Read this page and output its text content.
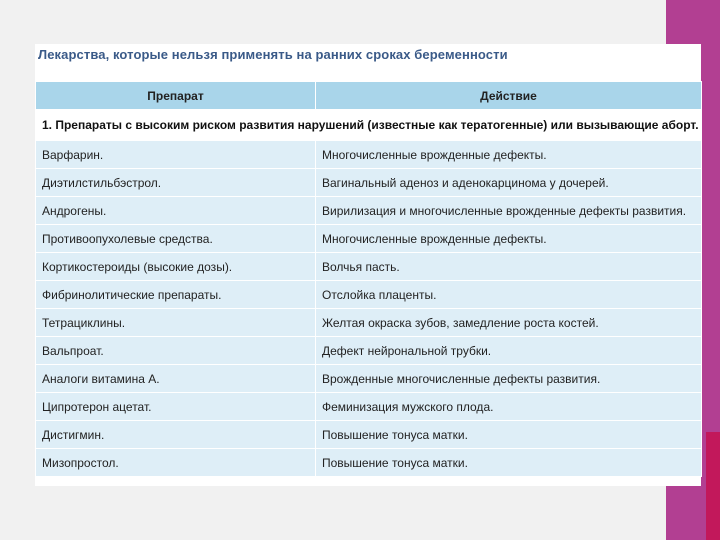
Лекарства, которые нельзя применять на ранних сроках беременности
Препарат	Действие
1. Препараты с высоким риском развития нарушений (известные как тератогенные) или вызывающие аборт.	
Варфарин.	Многочисленные врожденные дефекты.
Диэтилстильбэстрол.	Вагинальный аденоз и аденокарцинома у дочерей.
Андрогены.	Вирилизация и многочисленные врожденные дефекты развития.
Противоопухолевые средства.	Многочисленные врожденные дефекты.
Кортикостероиды (высокие дозы).	Волчья пасть.
Фибринолитические препараты.	Отслойка плаценты.
Тетрациклины.	Желтая окраска зубов, замедление роста костей.
Вальпроат.	Дефект нейрональной трубки.
Аналоги витамина А.	Врожденные многочисленные дефекты развития.
Ципротерон ацетат.	Феминизация мужского плода.
Дистигмин.	Повышение тонуса матки.
Мизопростол.	Повышение тонуса матки.
